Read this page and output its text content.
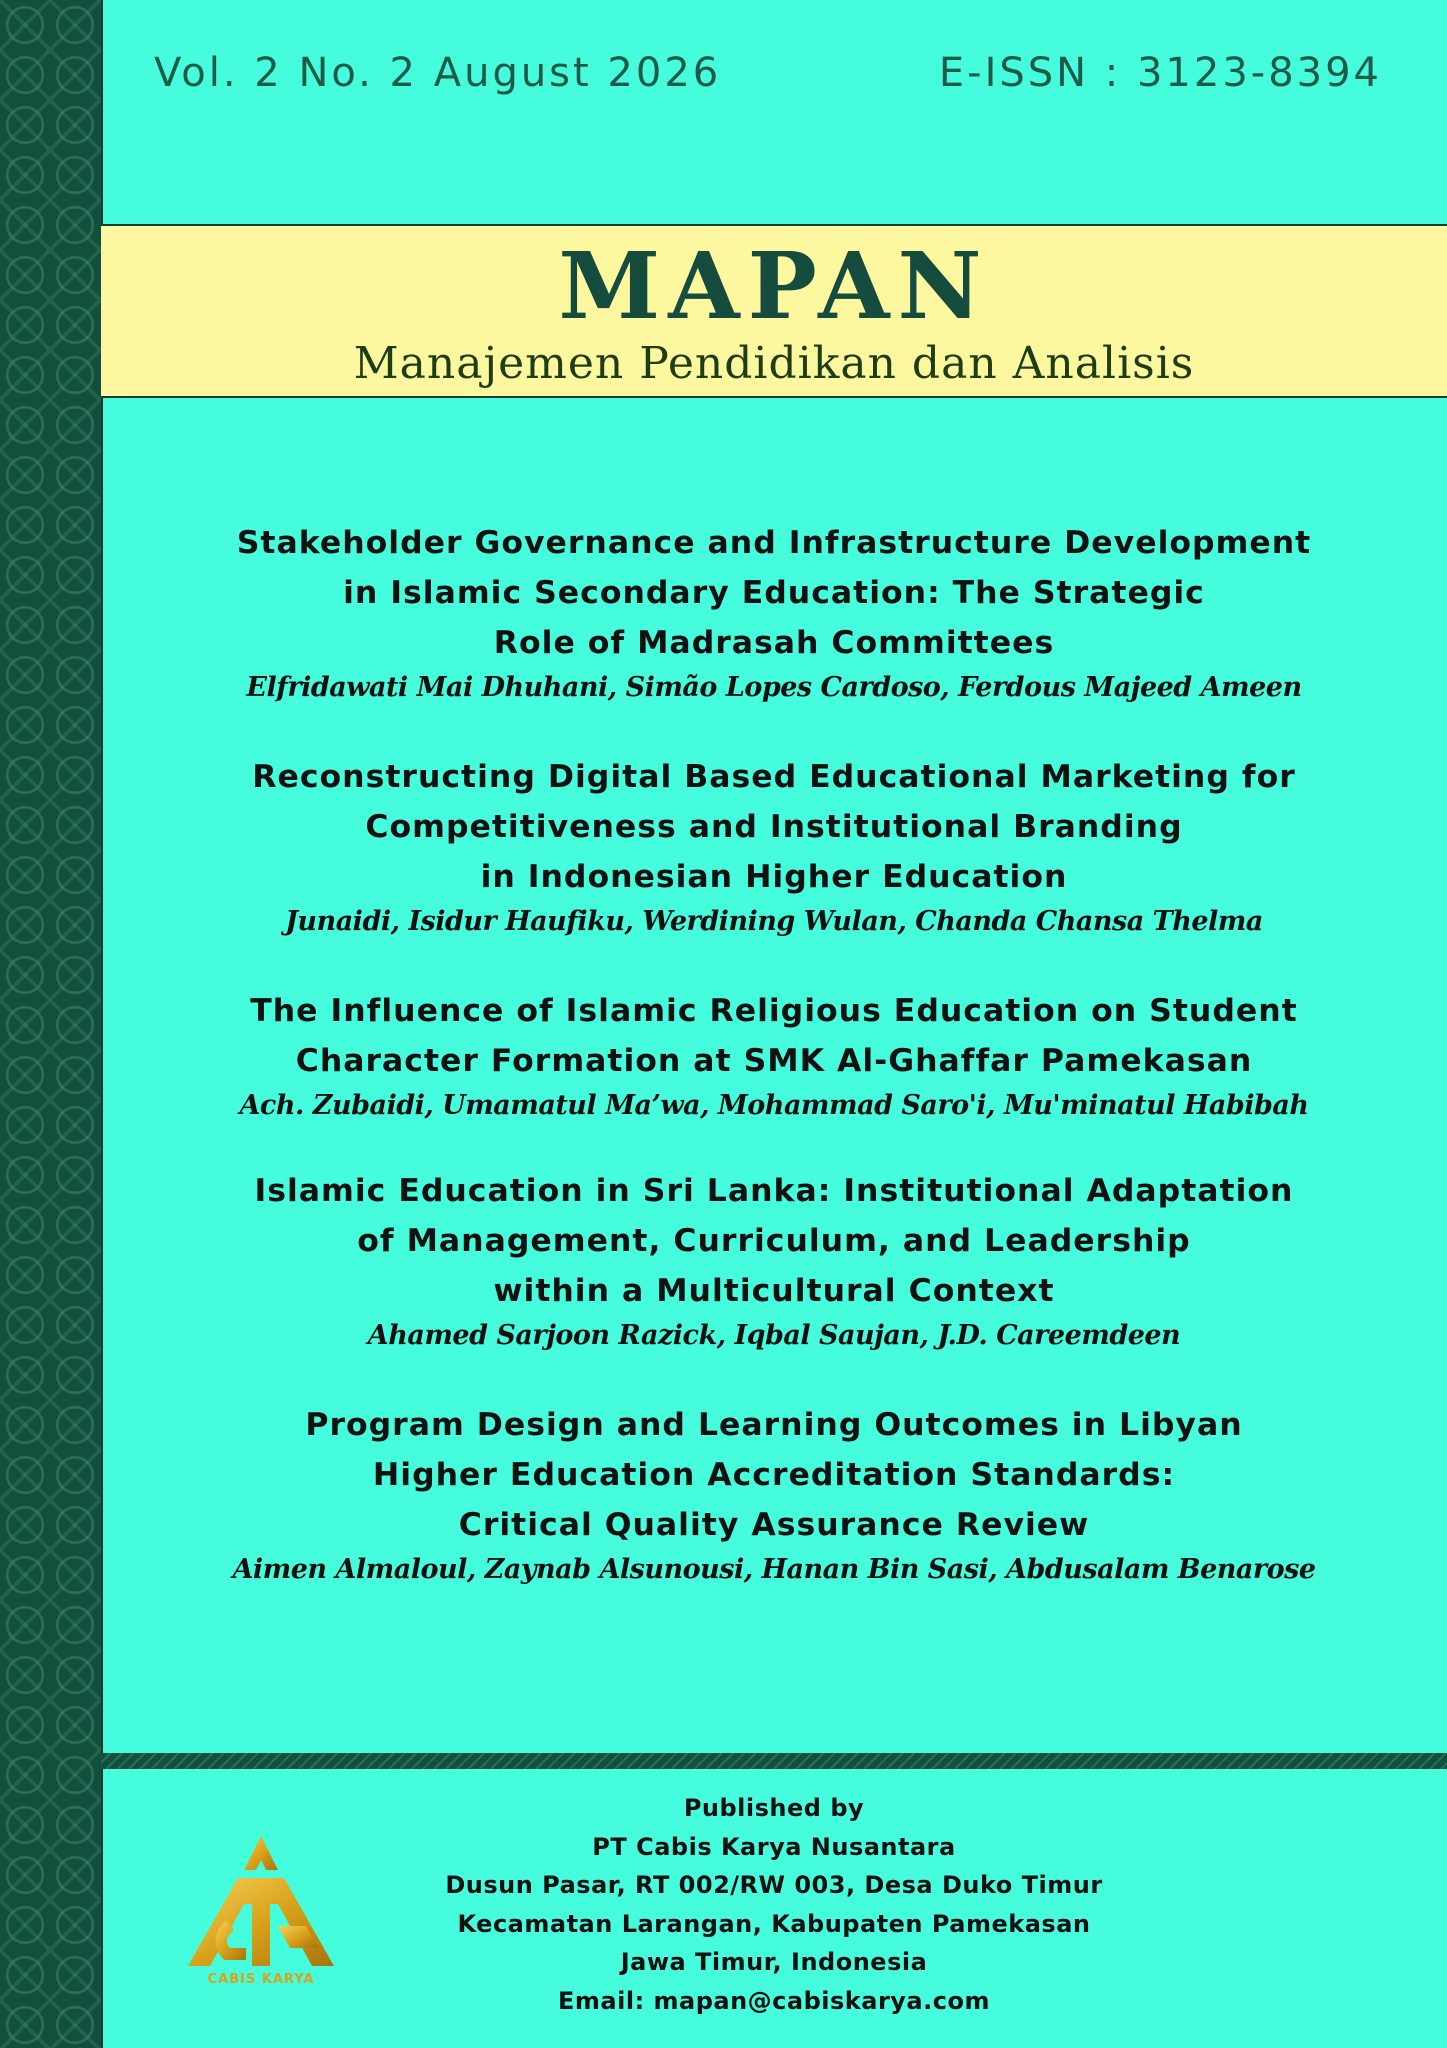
Vol. 2 No. 2 August 2026	E-ISSN : 3123-8394
MAPAN
Manajemen Pendidikan dan Analisis
Stakeholder Governance and Infrastructure Development
in Islamic Secondary Education: The Strategic
Role of Madrasah Committees
Elfridawati Mai Dhuhani, Simão Lopes Cardoso, Ferdous Majeed Ameen
Reconstructing Digital Based Educational Marketing for
Competitiveness and Institutional Branding
in Indonesian Higher Education
Junaidi, Isidur Haufiku, Werdining Wulan, Chanda Chansa Thelma
The Influence of Islamic Religious Education on Student
Character Formation at SMK Al-Ghaffar Pamekasan
Ach. Zubaidi, Umamatul Ma’wa, Mohammad Saro'i, Mu'minatul Habibah
Islamic Education in Sri Lanka: Institutional Adaptation
of Management, Curriculum, and Leadership
within a Multicultural Context
Ahamed Sarjoon Razick, Iqbal Saujan, J.D. Careemdeen
Program Design and Learning Outcomes in Libyan
Higher Education Accreditation Standards:
Critical Quality Assurance Review
Aimen Almaloul, Zaynab Alsunousi, Hanan Bin Sasi, Abdusalam Benarose
CABIS KARYA
Published by
PT Cabis Karya Nusantara
Dusun Pasar, RT 002/RW 003, Desa Duko Timur
Kecamatan Larangan, Kabupaten Pamekasan
Jawa Timur, Indonesia
Email: mapan@cabiskarya.com
